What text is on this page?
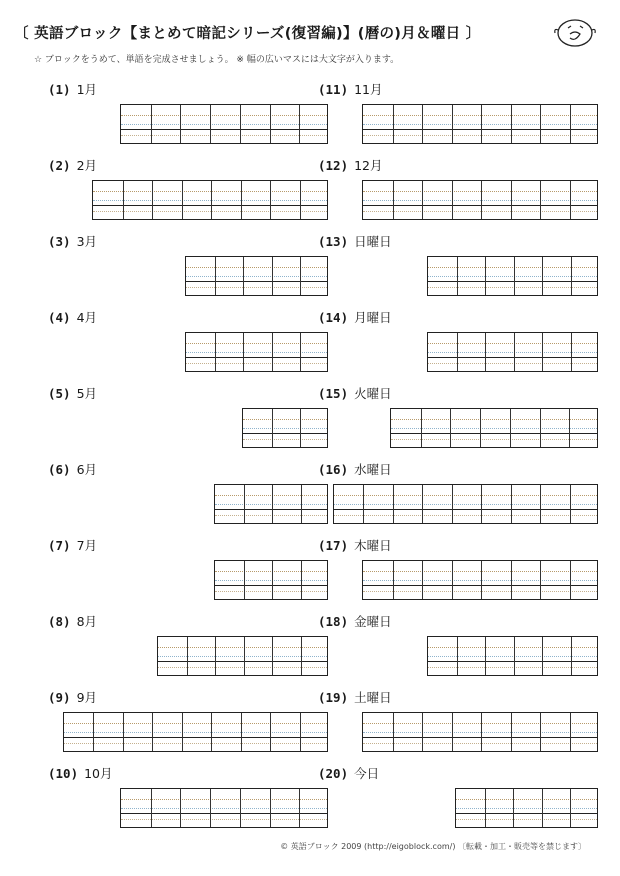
〔 英語ブロック【まとめて暗記シリーズ(復習編)】(暦の)月＆曜日 〕
☆ ブロックをうめて、単語を完成させましょう。 ※ 幅の広いマスには大文字が入ります。
(1) 1月
(2) 2月
(3) 3月
(4) 4月
(5) 5月
(6) 6月
(7) 7月
(8) 8月
(9) 9月
(10) 10月
(11) 11月
(12) 12月
(13) 日曜日
(14) 月曜日
(15) 火曜日
(16) 水曜日
(17) 木曜日
(18) 金曜日
(19) 土曜日
(20) 今日
© 英語ブロック 2009 (http://eigoblock.com/) 〔転載・加工・販売等を禁じます〕
